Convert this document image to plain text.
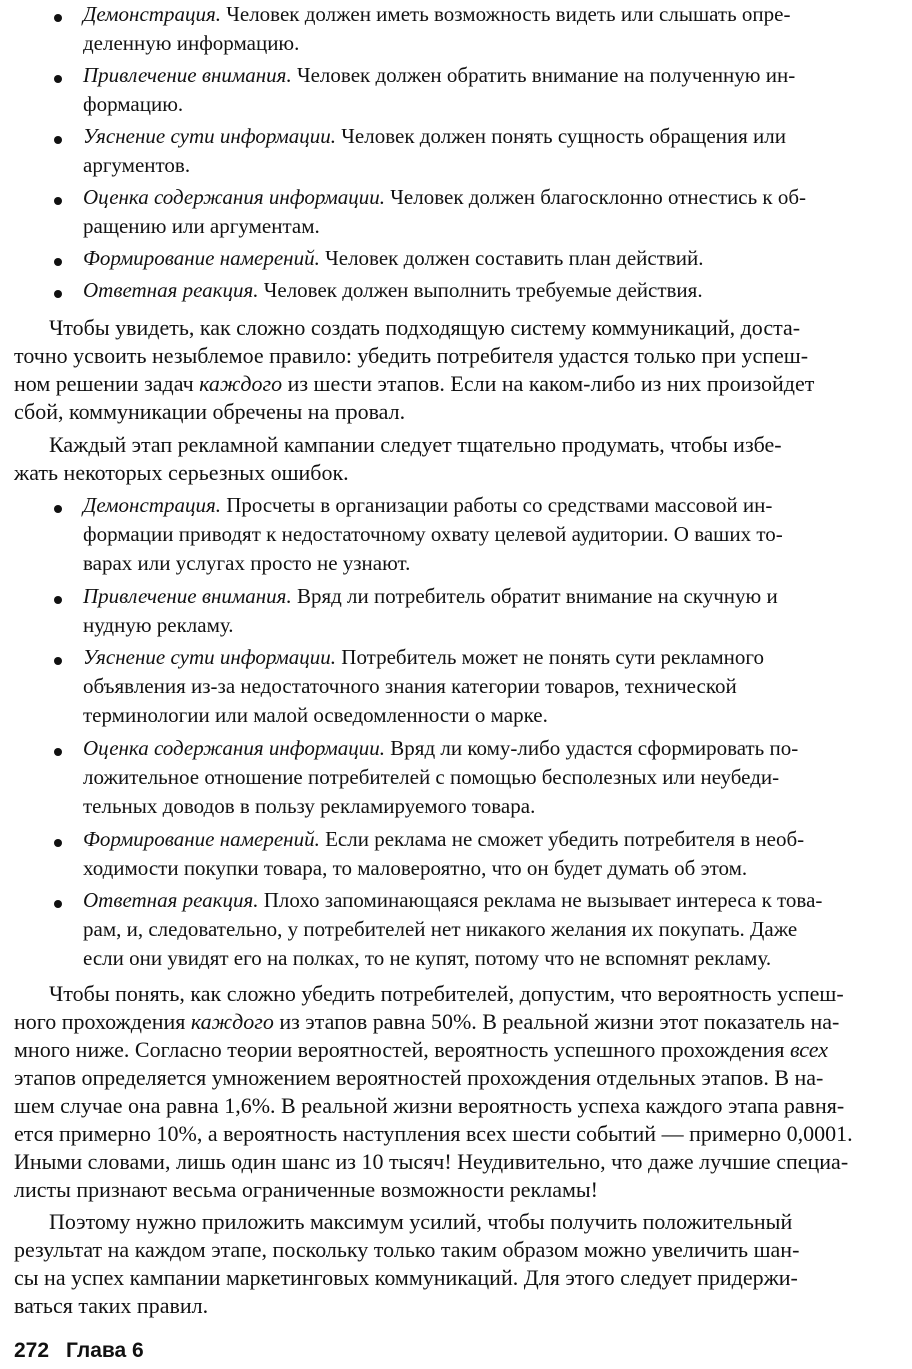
Демонстрация. Человек должен иметь возможность видеть или слышать опре-
деленную информацию.
Привлечение внимания. Человек должен обратить внимание на полученную ин-
формацию.
Уяснение сути информации. Человек должен понять сущность обращения или
аргументов.
Оценка содержания информации. Человек должен благосклонно отнестись к об-
ращению или аргументам.
Формирование намерений. Человек должен составить план действий.
Ответная реакция. Человек должен выполнить требуемые действия.
Чтобы увидеть, как сложно создать подходящую систему коммуникаций, доста-
точно усвоить незыблемое правило: убедить потребителя удастся только при успеш-
ном решении задач каждого из шести этапов. Если на каком-либо из них произойдет
сбой, коммуникации обречены на провал.
Каждый этап рекламной кампании следует тщательно продумать, чтобы избе-
жать некоторых серьезных ошибок.
Демонстрация. Просчеты в организации работы со средствами массовой ин-
формации приводят к недостаточному охвату целевой аудитории. О ваших то-
варах или услугах просто не узнают.
Привлечение внимания. Вряд ли потребитель обратит внимание на скучную и
нудную рекламу.
Уяснение сути информации. Потребитель может не понять сути рекламного
объявления из-за недостаточного знания категории товаров, технической
терминологии или малой осведомленности о марке.
Оценка содержания информации. Вряд ли кому-либо удастся сформировать по-
ложительное отношение потребителей с помощью бесполезных или неубеди-
тельных доводов в пользу рекламируемого товара.
Формирование намерений. Если реклама не сможет убедить потребителя в необ-
ходимости покупки товара, то маловероятно, что он будет думать об этом.
Ответная реакция. Плохо запоминающаяся реклама не вызывает интереса к това-
рам, и, следовательно, у потребителей нет никакого желания их покупать. Даже
если они увидят его на полках, то не купят, потому что не вспомнят рекламу.
Чтобы понять, как сложно убедить потребителей, допустим, что вероятность успеш-
ного прохождения каждого из этапов равна 50%. В реальной жизни этот показатель на-
много ниже. Согласно теории вероятностей, вероятность успешного прохождения всех
этапов определяется умножением вероятностей прохождения отдельных этапов. В на-
шем случае она равна 1,6%. В реальной жизни вероятность успеха каждого этапа равня-
ется примерно 10%, а вероятность наступления всех шести событий — примерно 0,0001.
Иными словами, лишь один шанс из 10 тысяч! Неудивительно, что даже лучшие специа-
листы признают весьма ограниченные возможности рекламы!
Поэтому нужно приложить максимум усилий, чтобы получить положительный
результат на каждом этапе, поскольку только таким образом можно увеличить шан-
сы на успех кампании маркетинговых коммуникаций. Для этого следует придержи-
ваться таких правил.
272 Глава 6
